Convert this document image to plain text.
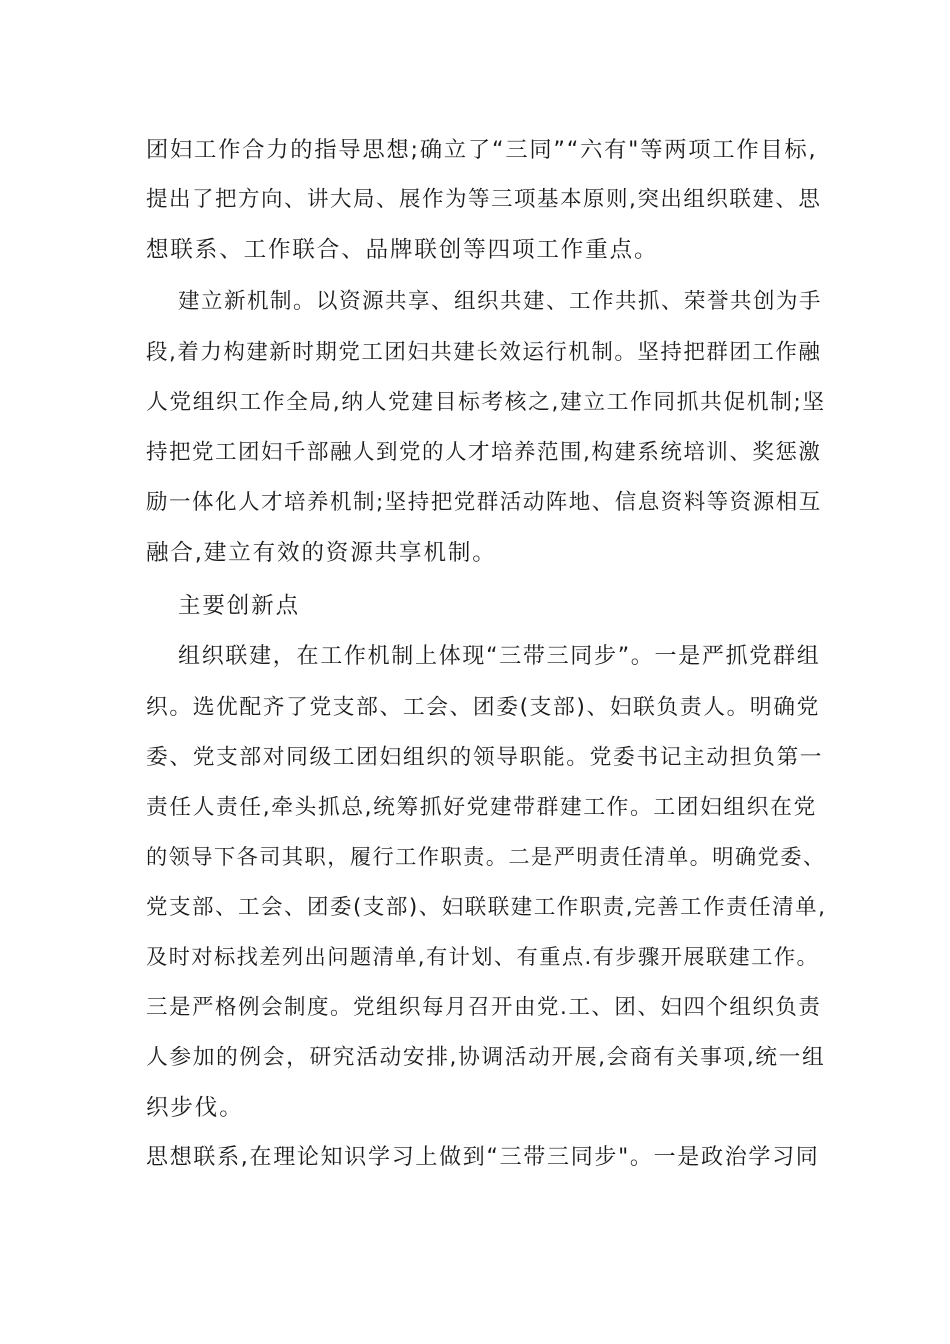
团妇工作合力的指导思想;确立了“三同”“六有"等两项工作目标,
提出了把方向、讲大局、展作为等三项基本原则,突出组织联建、思
想联系、工作联合、品牌联创等四项工作重点。
建立新机制。以资源共享、组织共建、工作共抓、荣誉共创为手
段,着力构建新时期党工团妇共建长效运行机制。坚持把群团工作融
人党组织工作全局,纳人党建目标考核之,建立工作同抓共促机制;坚
持把党工团妇千部融人到党的人才培养范围,构建系统培训、奖惩激
励一体化人才培养机制;坚持把党群活动阵地、信息资料等资源相互
融合,建立有效的资源共享机制。
主要创新点
组织联建，在工作机制上体现“三带三同步”。一是严抓党群组
织。选优配齐了党支部、工会、团委(支部)、妇联负责人。明确党
委、党支部对同级工团妇组织的领导职能。党委书记主动担负第一
责任人责任,牵头抓总,统筹抓好党建带群建工作。工团妇组织在党
的领导下各司其职，履行工作职责。二是严明责任清单。明确党委、
党支部、工会、团委(支部)、妇联联建工作职责,完善工作责任清单,
及时对标找差列出问题清单,有计划、有重点.有步骤开展联建工作。
三是严格例会制度。党组织每月召开由党.工、团、妇四个组织负责
人参加的例会，研究活动安排,协调活动开展,会商有关事项,统一组
织步伐。
思想联系,在理论知识学习上做到“三带三同步"。一是政治学习同
